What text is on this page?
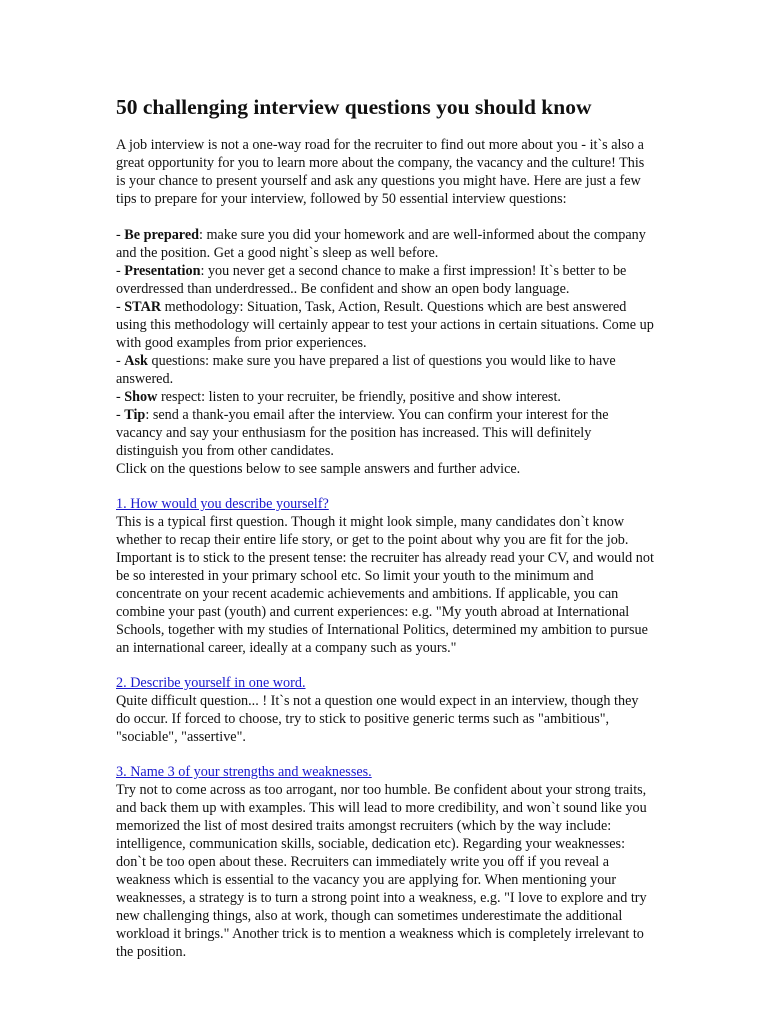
50 challenging interview questions you should know

A job interview is not a one-way road for the recruiter to find out more about you - it`s also a great opportunity for you to learn more about the company, the vacancy and the culture! This is your chance to present yourself and ask any questions you might have. Here are just a few tips to prepare for your interview, followed by 50 essential interview questions:

- Be prepared: make sure you did your homework and are well-informed about the company and the position. Get a good night`s sleep as well before.

- Presentation: you never get a second chance to make a first impression! It`s better to be overdressed than underdressed.. Be confident and show an open body language.

- STAR methodology: Situation, Task, Action, Result. Questions which are best answered using this methodology will certainly appear to test your actions in certain situations. Come up with good examples from prior experiences.

- Ask questions: make sure you have prepared a list of questions you would like to have answered.

- Show respect: listen to your recruiter, be friendly, positive and show interest.

- Tip: send a thank-you email after the interview. You can confirm your interest for the vacancy and say your enthusiasm for the position has increased. This will definitely distinguish you from other candidates.

Click on the questions below to see sample answers and further advice.

1. How would you describe yourself?

This is a typical first question. Though it might look simple, many candidates don`t know whether to recap their entire life story, or get to the point about why you are fit for the job. Important is to stick to the present tense: the recruiter has already read your CV, and would not be so interested in your primary school etc. So limit your youth to the minimum and concentrate on your recent academic achievements and ambitions. If applicable, you can combine your past (youth) and current experiences: e.g. "My youth abroad at International Schools, together with my studies of International Politics, determined my ambition to pursue an international career, ideally at a company such as yours."

2. Describe yourself in one word.

Quite difficult question... ! It`s not a question one would expect in an interview, though they do occur. If forced to choose, try to stick to positive generic terms such as "ambitious", "sociable", "assertive".

3. Name 3 of your strengths and weaknesses.

Try not to come across as too arrogant, nor too humble. Be confident about your strong traits, and back them up with examples. This will lead to more credibility, and won`t sound like you memorized the list of most desired traits amongst recruiters (which by the way include: intelligence, communication skills, sociable, dedication etc). Regarding your weaknesses: don`t be too open about these. Recruiters can immediately write you off if you reveal a weakness which is essential to the vacancy you are applying for. When mentioning your weaknesses, a strategy is to turn a strong point into a weakness, e.g. "I love to explore and try new challenging things, also at work, though can sometimes underestimate the additional workload it brings." Another trick is to mention a weakness which is completely irrelevant to the position.
